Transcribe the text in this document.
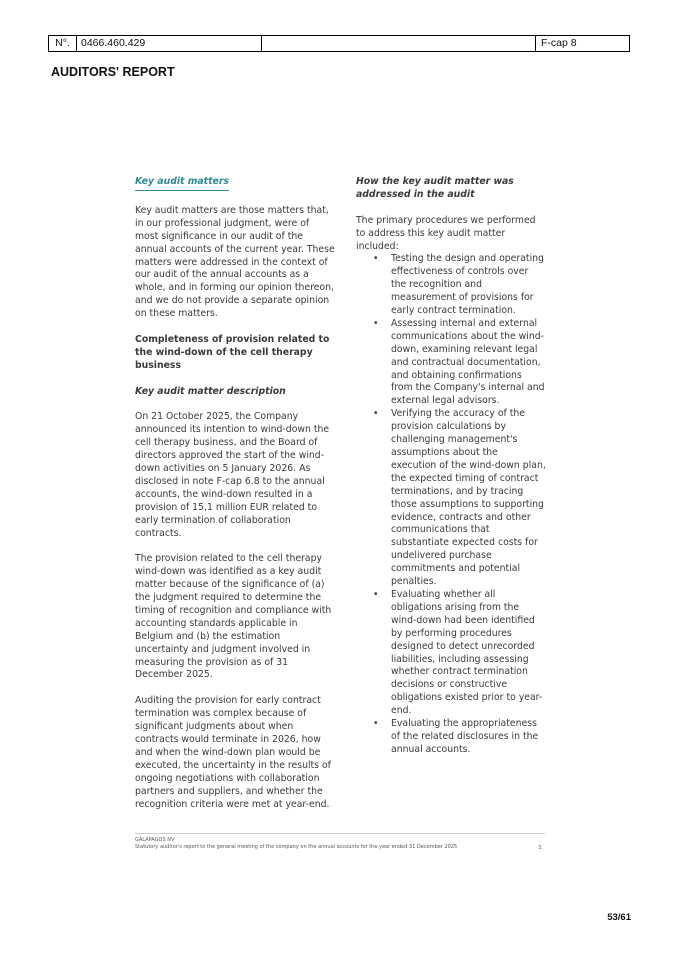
N°.	0466.460.429	F-cap 8
AUDITORS' REPORT
Key audit matters

Key audit matters are those matters that, in our professional judgment, were of most significance in our audit of the annual accounts of the current year. These matters were addressed in the context of our audit of the annual accounts as a whole, and in forming our opinion thereon, and we do not provide a separate opinion on these matters.

Completeness of provision related to the wind-down of the cell therapy business

Key audit matter description

On 21 October 2025, the Company announced its intention to wind-down the cell therapy business, and the Board of directors approved the start of the wind-down activities on 5 January 2026. As disclosed in note F-cap 6.8 to the annual accounts, the wind-down resulted in a provision of 15,1 million EUR related to early termination of collaboration contracts.

The provision related to the cell therapy wind-down was identified as a key audit matter because of the significance of (a) the judgment required to determine the timing of recognition and compliance with accounting standards applicable in Belgium and (b) the estimation uncertainty and judgment involved in measuring the provision as of 31 December 2025.

Auditing the provision for early contract termination was complex because of significant judgments about when contracts would terminate in 2026, how and when the wind-down plan would be executed, the uncertainty in the results of ongoing negotiations with collaboration partners and suppliers, and whether the recognition criteria were met at year-end.

How the key audit matter was addressed in the audit

The primary procedures we performed to address this key audit matter included:
• Testing the design and operating effectiveness of controls over the recognition and measurement of provisions for early contract termination.
• Assessing internal and external communications about the wind-down, examining relevant legal and contractual documentation, and obtaining confirmations from the Company's internal and external legal advisors.
• Verifying the accuracy of the provision calculations by challenging management's assumptions about the execution of the wind-down plan, the expected timing of contract terminations, and by tracing those assumptions to supporting evidence, contracts and other communications that substantiate expected costs for undelivered purchase commitments and potential penalties.
• Evaluating whether all obligations arising from the wind-down had been identified by performing procedures designed to detect unrecorded liabilities, including assessing whether contract termination decisions or constructive obligations existed prior to year-end.
• Evaluating the appropriateness of the related disclosures in the annual accounts.
GALAPAGOS NV
Statutory auditor's report to the general meeting of the company on the annual accounts for the year ended 31 December 2025	3.
53/61
